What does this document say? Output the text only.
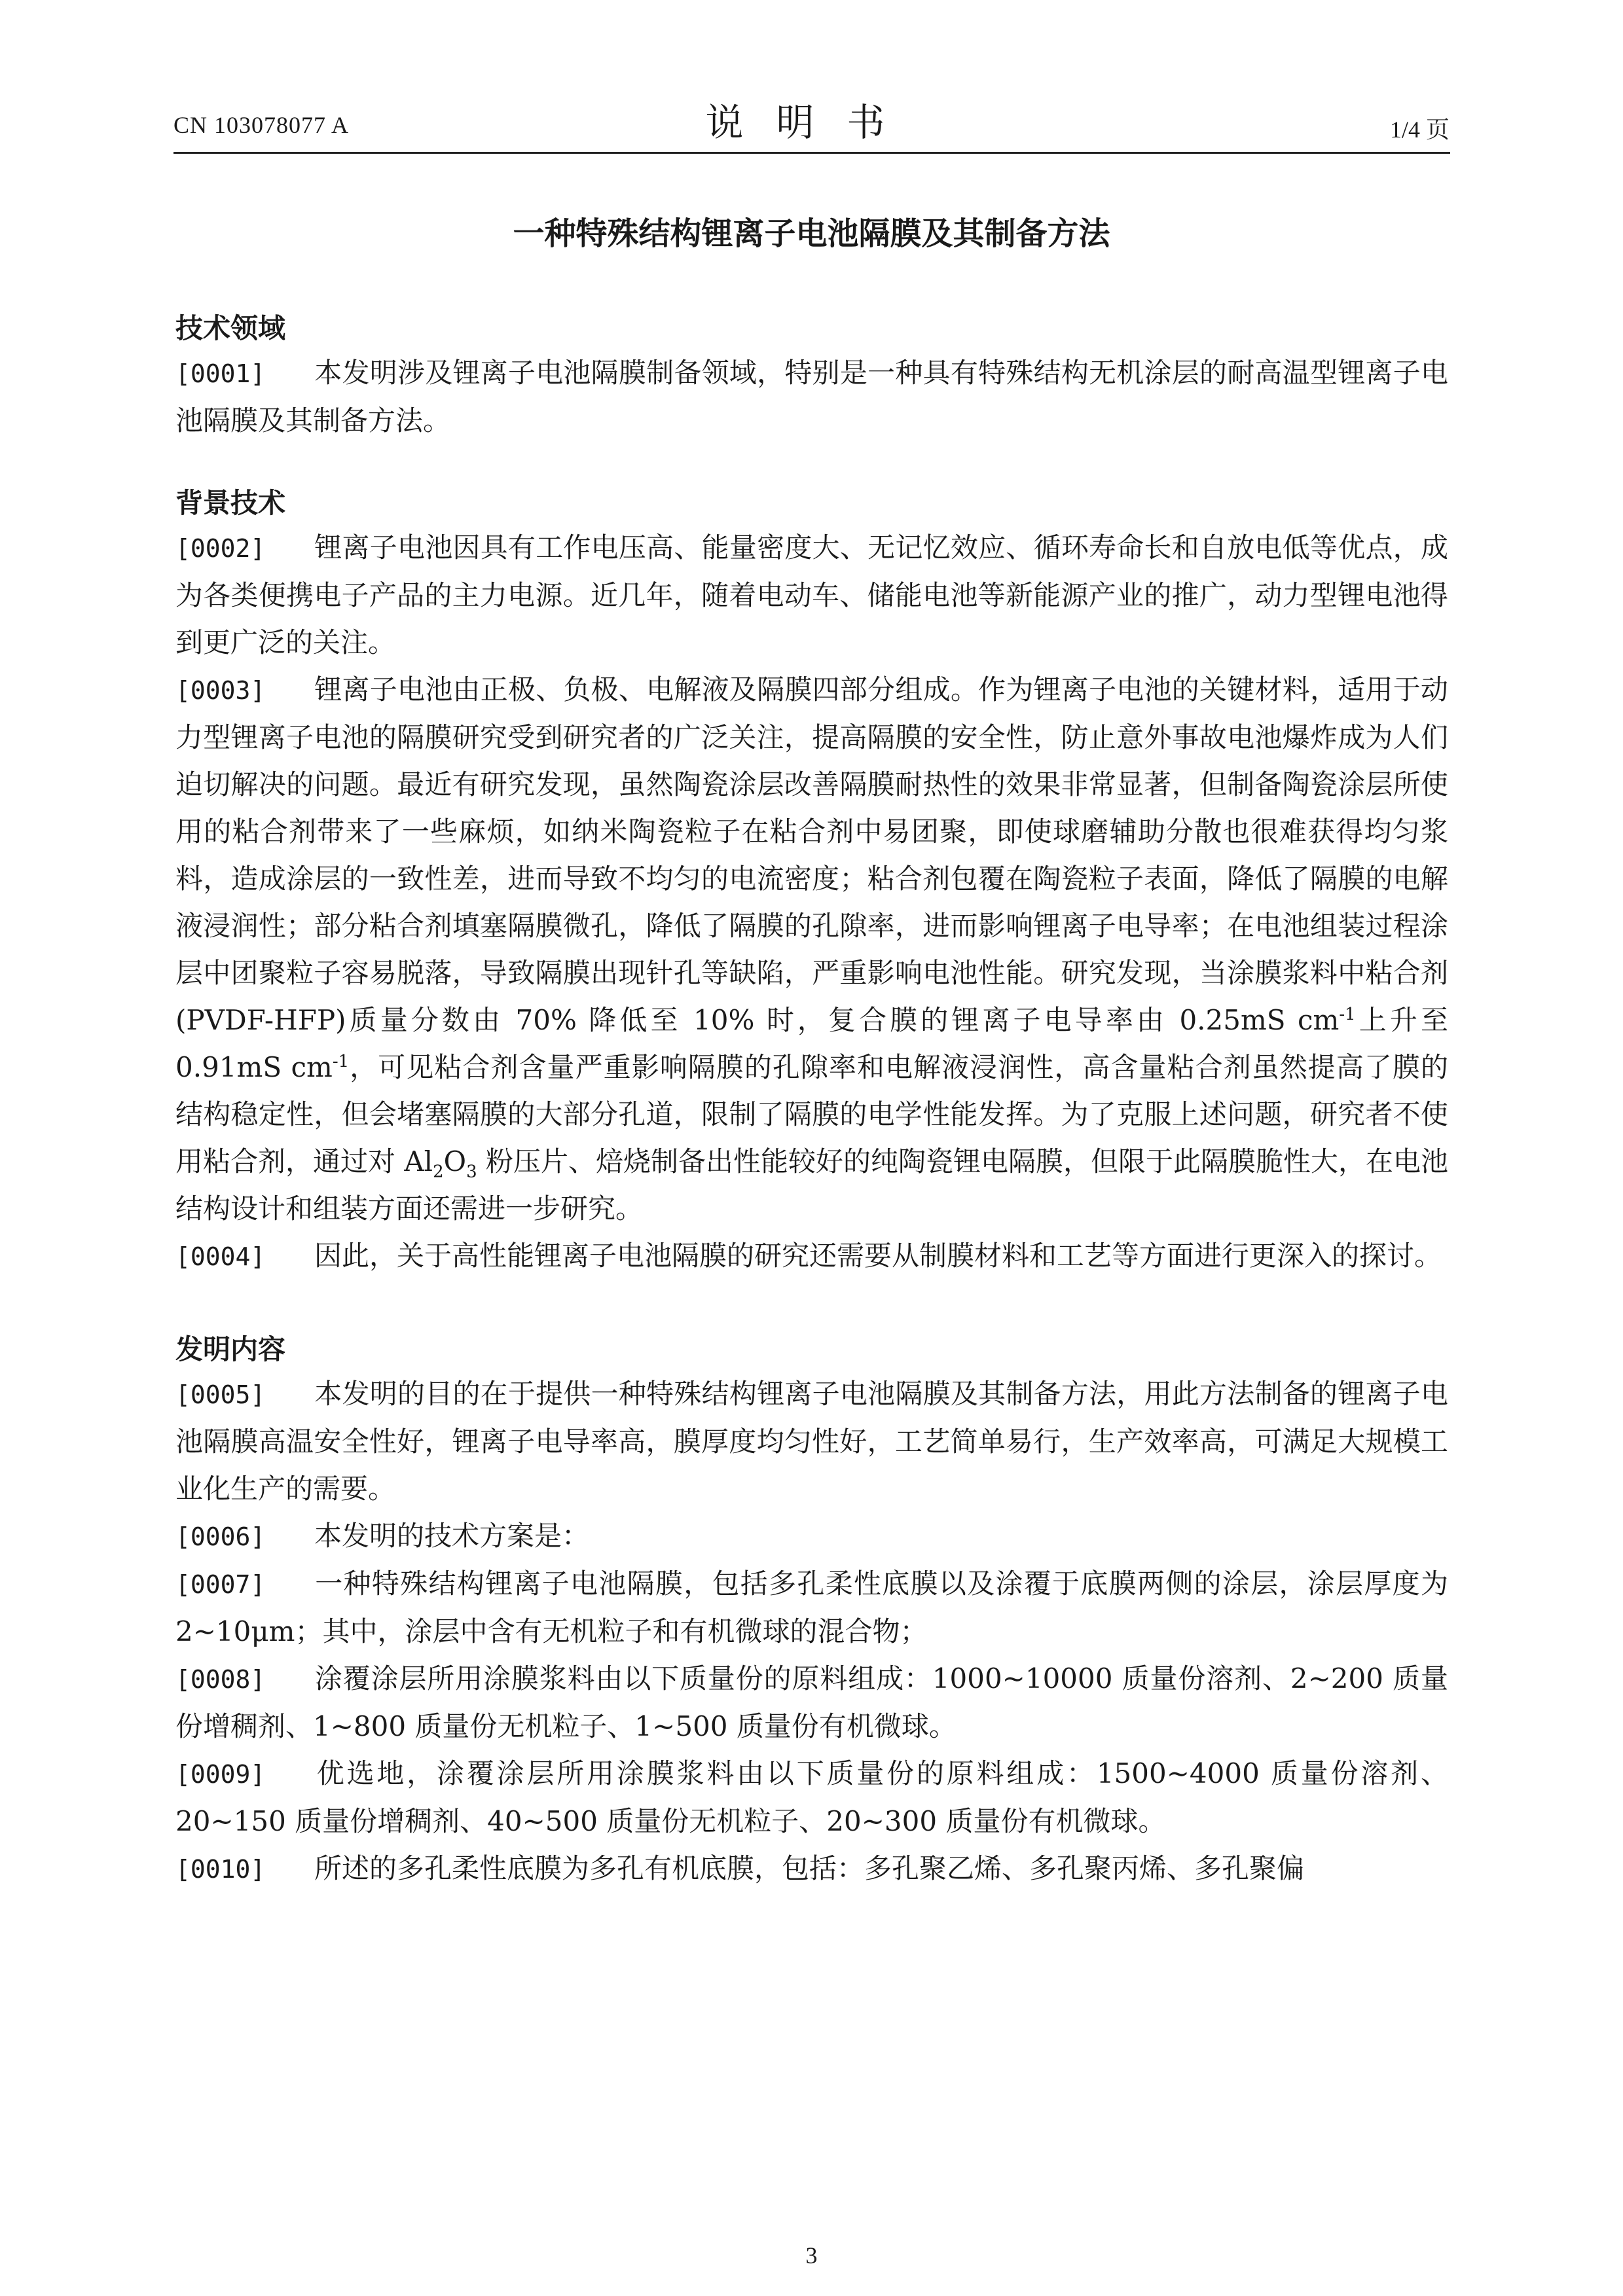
CN 103078077 A	说明书	1/4 页
一种特殊结构锂离子电池隔膜及其制备方法
技术领域
[0001] 本发明涉及锂离子电池隔膜制备领域，特别是一种具有特殊结构无机涂层的耐高温型锂离子电池隔膜及其制备方法。
背景技术
[0002] 锂离子电池因具有工作电压高、能量密度大、无记忆效应、循环寿命长和自放电低等优点，成为各类便携电子产品的主力电源。近几年，随着电动车、储能电池等新能源产业的推广，动力型锂电池得到更广泛的关注。
[0003] 锂离子电池由正极、负极、电解液及隔膜四部分组成。作为锂离子电池的关键材料，适用于动力型锂离子电池的隔膜研究受到研究者的广泛关注，提高隔膜的安全性，防止意外事故电池爆炸成为人们迫切解决的问题。最近有研究发现，虽然陶瓷涂层改善隔膜耐热性的效果非常显著，但制备陶瓷涂层所使用的粘合剂带来了一些麻烦，如纳米陶瓷粒子在粘合剂中易团聚，即使球磨辅助分散也很难获得均匀浆料，造成涂层的一致性差，进而导致不均匀的电流密度；粘合剂包覆在陶瓷粒子表面，降低了隔膜的电解液浸润性；部分粘合剂填塞隔膜微孔，降低了隔膜的孔隙率，进而影响锂离子电导率；在电池组装过程涂层中团聚粒子容易脱落，导致隔膜出现针孔等缺陷，严重影响电池性能。研究发现，当涂膜浆料中粘合剂(PVDF-HFP)质量分数由 70% 降低至 10% 时，复合膜的锂离子电导率由 0.25mS $cm^{-1}$上升至 0.91mS $cm^{-1}$，可见粘合剂含量严重影响隔膜的孔隙率和电解液浸润性，高含量粘合剂虽然提高了膜的结构稳定性，但会堵塞隔膜的大部分孔道，限制了隔膜的电学性能发挥。为了克服上述问题，研究者不使用粘合剂，通过对 $Al_2O_3$ 粉压片、焙烧制备出性能较好的纯陶瓷锂电隔膜，但限于此隔膜脆性大，在电池结构设计和组装方面还需进一步研究。
[0004] 因此，关于高性能锂离子电池隔膜的研究还需要从制膜材料和工艺等方面进行更深入的探讨。
发明内容
[0005] 本发明的目的在于提供一种特殊结构锂离子电池隔膜及其制备方法，用此方法制备的锂离子电池隔膜高温安全性好，锂离子电导率高，膜厚度均匀性好，工艺简单易行，生产效率高，可满足大规模工业化生产的需要。
[0006] 本发明的技术方案是：
[0007] 一种特殊结构锂离子电池隔膜，包括多孔柔性底膜以及涂覆于底膜两侧的涂层，涂层厚度为 2~10μm；其中，涂层中含有无机粒子和有机微球的混合物；
[0008] 涂覆涂层所用涂膜浆料由以下质量份的原料组成：1000~10000 质量份溶剂、2~200 质量份增稠剂、1~800 质量份无机粒子、1~500 质量份有机微球。
[0009] 优选地，涂覆涂层所用涂膜浆料由以下质量份的原料组成：1500~4000 质量份溶剂、20~150 质量份增稠剂、40~500 质量份无机粒子、20~300 质量份有机微球。
[0010] 所述的多孔柔性底膜为多孔有机底膜，包括：多孔聚乙烯、多孔聚丙烯、多孔聚偏
3
